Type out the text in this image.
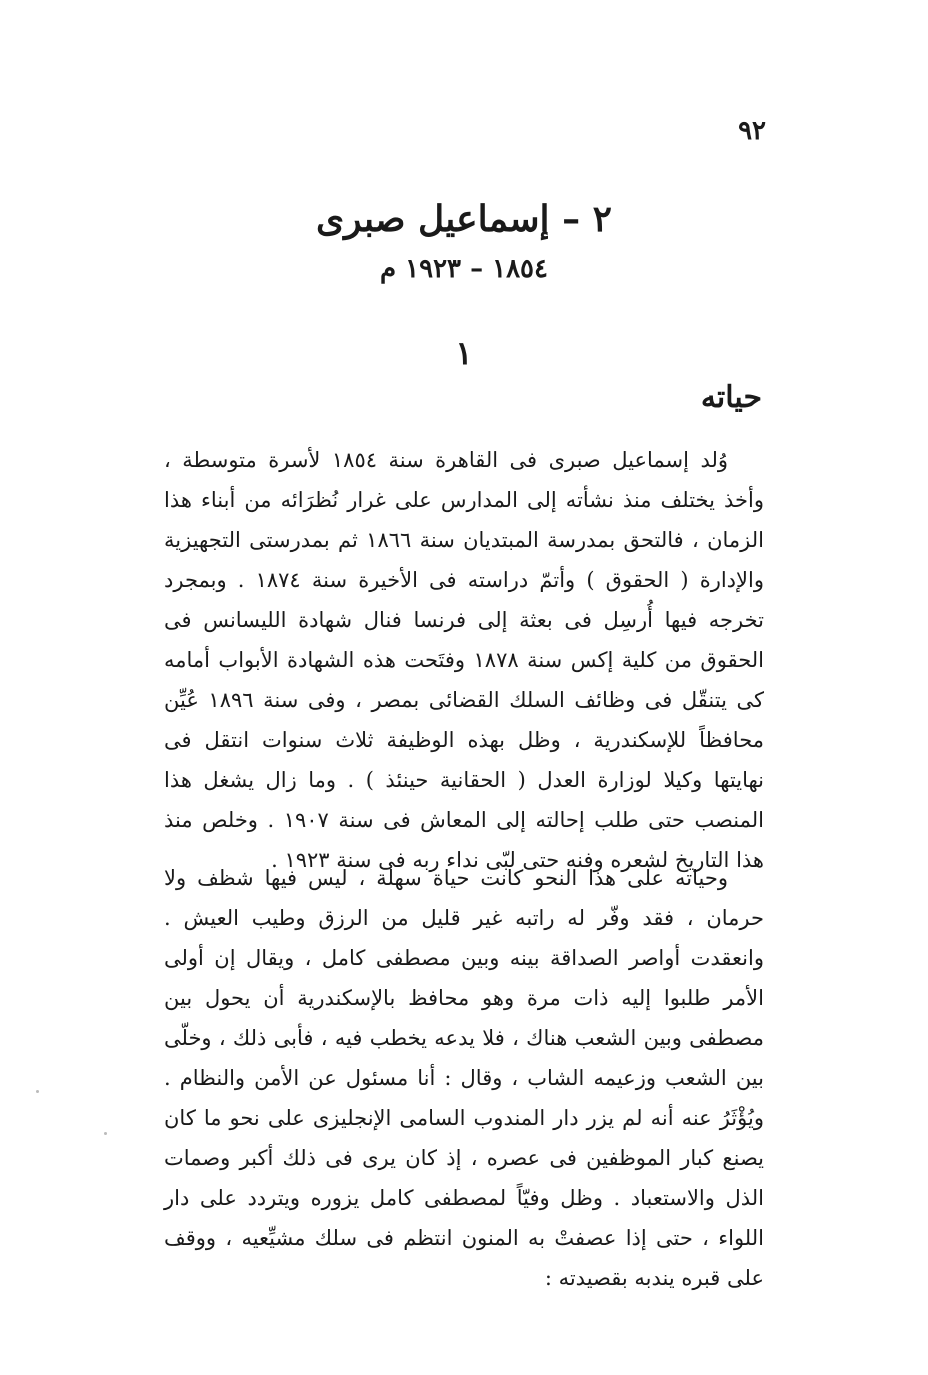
٩٢

٢ – إسماعيل صبرى
١٨٥٤ – ١٩٢٣ م
١
حياته

وُلد إسماعيل صبرى فى القاهرة سنة ١٨٥٤ لأسرة متوسطة ، وأخذ يختلف منذ نشأته إلى المدارس على غرار نُظرَائه من أبناء هذا الزمان ، فالتحق بمدرسة المبتديان سنة ١٨٦٦ ثم بمدرستى التجهيزية والإدارة ( الحقوق ) وأتمّ دراسته فى الأخيرة سنة ١٨٧٤ . وبمجرد تخرجه فيها أُرسِل فى بعثة إلى فرنسا فنال شهادة الليسانس فى الحقوق من كلية إكس سنة ١٨٧٨ وفتَحت هذه الشهادة الأبواب أمامه كى يتنقّل فى وظائف السلك القضائى بمصر ، وفى سنة ١٨٩٦ عُيِّن محافظاً للإسكندرية ، وظل بهذه الوظيفة ثلاث سنوات انتقل فى نهايتها وكيلا لوزارة العدل ( الحقانية حينئذ ) . وما زال يشغل هذا المنصب حتى طلب إحالته إلى المعاش فى سنة ١٩٠٧ . وخلص منذ هذا التاريخ لشعره وفنه حتى لبّى نداء ربه فى سنة ١٩٢٣ .

وحياته على هذا النحو كانت حياة سهلة ، ليس فيها شظف ولا حرمان ، فقد وفّر له راتبه غير قليل من الرزق وطيب العيش . وانعقدت أواصر الصداقة بينه وبين مصطفى كامل ، ويقال إن أولى الأمر طلبوا إليه ذات مرة وهو محافظ بالإسكندرية أن يحول بين مصطفى وبين الشعب هناك ، فلا يدعه يخطب فيه ، فأبى ذلك ، وخلّى بين الشعب وزعيمه الشاب ، وقال : أنا مسئول عن الأمن والنظام . ويُؤْثَرُ عنه أنه لم يزر دار المندوب السامى الإنجليزى على نحو ما كان يصنع كبار الموظفين فى عصره ، إذ كان يرى فى ذلك أكبر وصمات الذل والاستعباد . وظل وفيّاً لمصطفى كامل يزوره ويتردد على دار اللواء ، حتى إذا عصفتْ به المنون انتظم فى سلك مشيِّعيه ، ووقف على قبره يندبه بقصيدته :
